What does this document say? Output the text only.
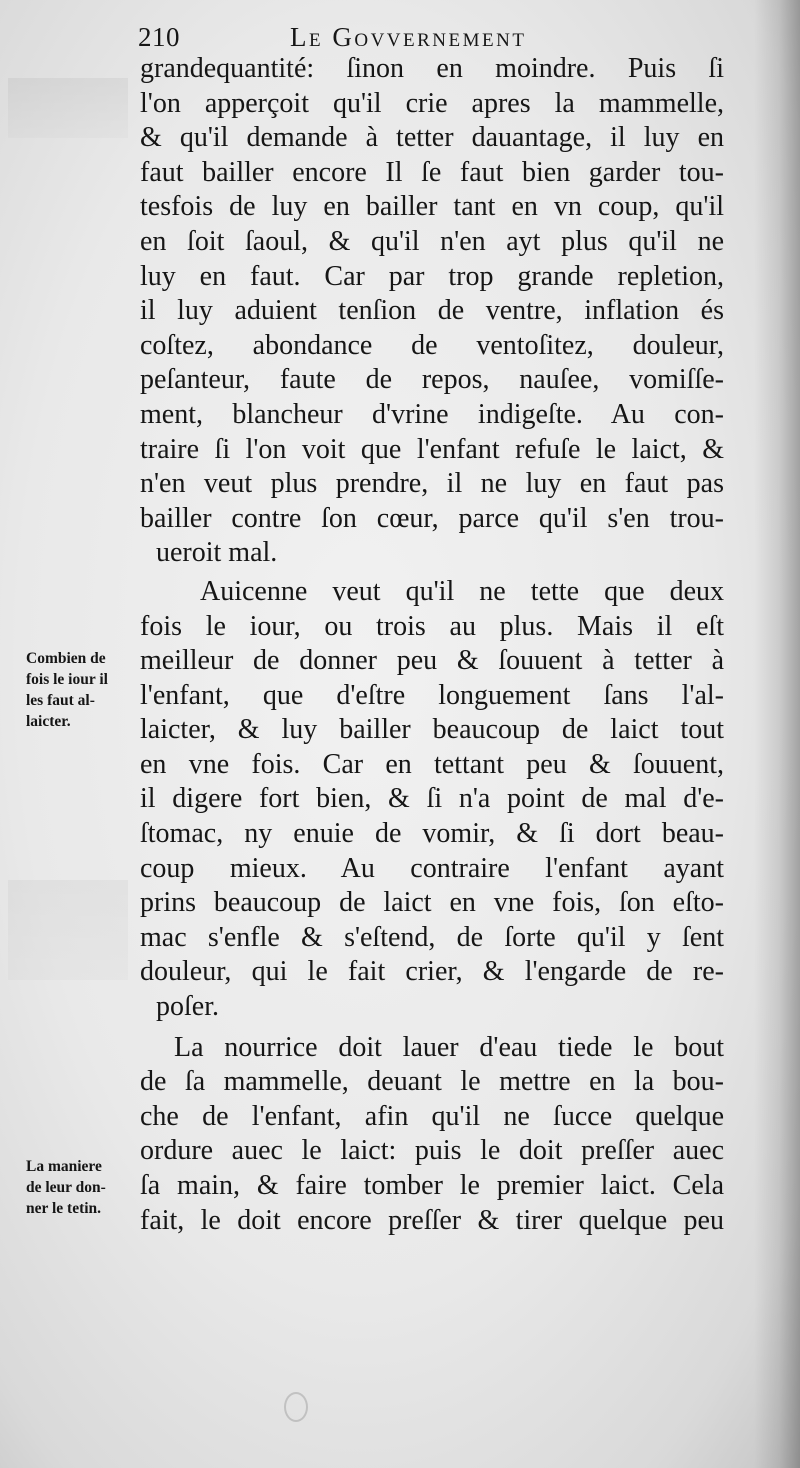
210	Le Govvernement
grandequantité: ſinon en moindre. Puis ſi
l'on apperçoit qu'il crie apres la mammelle,
& qu'il demande à tetter dauantage, il luy en
faut bailler encore Il ſe faut bien garder tou-
tesfois de luy en bailler tant en vn coup, qu'il
en ſoit ſaoul, & qu'il n'en ayt plus qu'il ne
luy en faut. Car par trop grande repletion,
il luy aduient tenſion de ventre, inflation és
coſtez, abondance de ventoſitez, douleur,
peſanteur, faute de repos, nauſee, vomiſſe-
ment, blancheur d'vrine indigeſte. Au con-
traire ſi l'on voit que l'enfant refuſe le laict, &
n'en veut plus prendre, il ne luy en faut pas
bailler contre ſon cœur, parce qu'il s'en trou-
ueroit mal.
Auicenne veut qu'il ne tette que deux
fois le iour, ou trois au plus. Mais il eſt
meilleur de donner peu & ſouuent à tetter à
l'enfant, que d'eſtre longuement ſans l'al-
laicter, & luy bailler beaucoup de laict tout
en vne fois. Car en tettant peu & ſouuent,
il digere fort bien, & ſi n'a point de mal d'e-
ſtomac, ny enuie de vomir, & ſi dort beau-
coup mieux. Au contraire l'enfant ayant
prins beaucoup de laict en vne fois, ſon eſto-
mac s'enfle & s'eſtend, de ſorte qu'il y ſent
douleur, qui le fait crier, & l'engarde de re-
poſer.
La nourrice doit lauer d'eau tiede le bout
de ſa mammelle, deuant le mettre en la bou-
che de l'enfant, afin qu'il ne ſucce quelque
ordure auec le laict: puis le doit preſſer auec
ſa main, & faire tomber le premier laict. Cela
fait, le doit encore preſſer & tirer quelque peu
Combien de
fois le iour il
les faut al-
laicter.
La maniere
de leur don-
ner le tetin.
